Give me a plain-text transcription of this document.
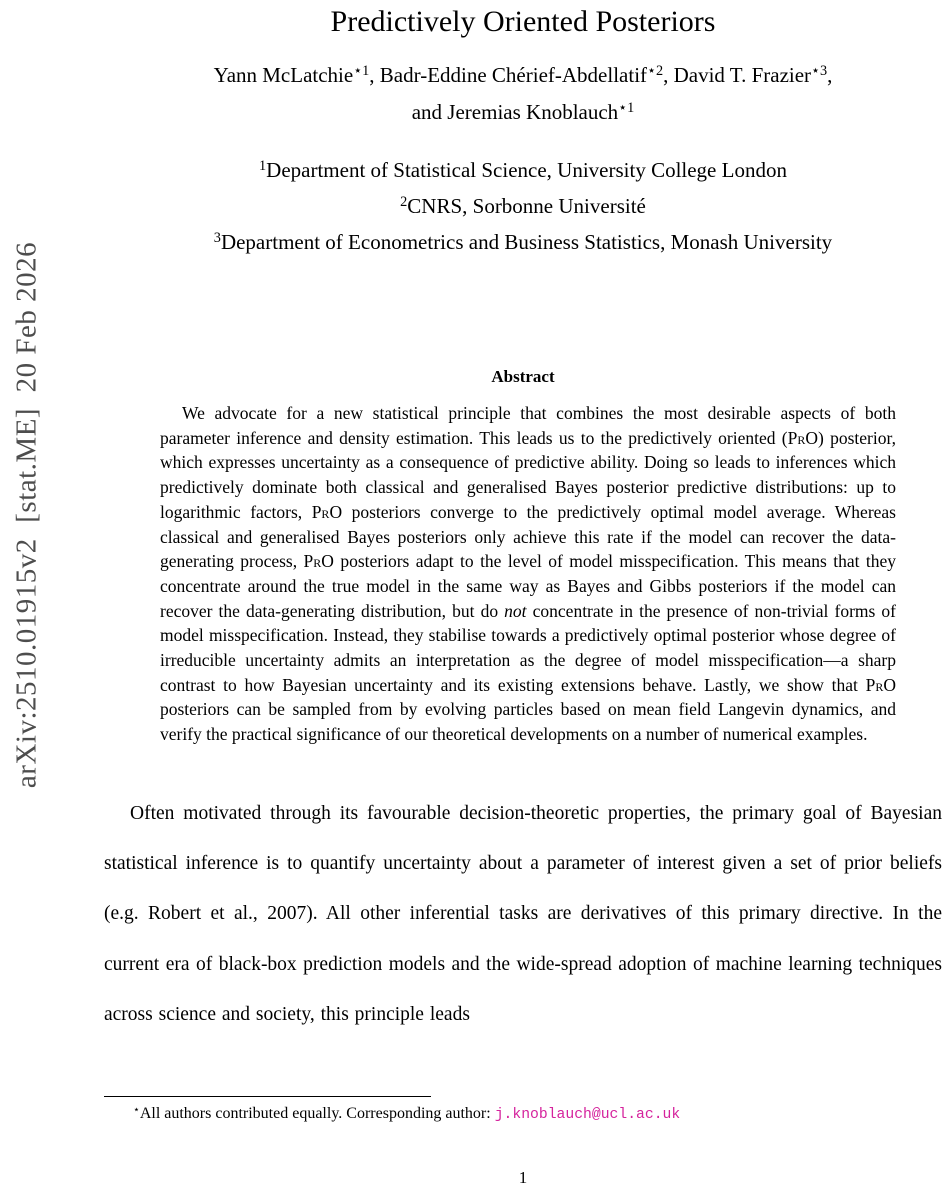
arXiv:2510.01915v2  [stat.ME]  20 Feb 2026
Predictively Oriented Posteriors
Yann McLatchie$^{⋆1}$, Badr-Eddine Chérief-Abdellatif$^{⋆2}$, David T. Frazier$^{⋆3}$,
and Jeremias Knoblauch$^{⋆1}$
$^1$Department of Statistical Science, University College London
$^2$CNRS, Sorbonne Université
$^3$Department of Econometrics and Business Statistics, Monash University
Abstract

We advocate for a new statistical principle that combines the most desirable aspects of both parameter inference and density estimation. This leads us to the predictively oriented (PrO) posterior, which expresses uncertainty as a consequence of predictive ability. Doing so leads to inferences which predictively dominate both classical and generalised Bayes posterior predictive distributions: up to logarithmic factors, PrO posteriors converge to the predictively optimal model average. Whereas classical and generalised Bayes posteriors only achieve this rate if the model can recover the data-generating process, PrO posteriors adapt to the level of model misspecification. This means that they concentrate around the true model in the same way as Bayes and Gibbs posteriors if the model can recover the data-generating distribution, but do not concentrate in the presence of non-trivial forms of model misspecification. Instead, they stabilise towards a predictively optimal posterior whose degree of irreducible uncertainty admits an interpretation as the degree of model misspecification—a sharp contrast to how Bayesian uncertainty and its existing extensions behave. Lastly, we show that PrO posteriors can be sampled from by evolving particles based on mean field Langevin dynamics, and verify the practical significance of our theoretical developments on a number of numerical examples.

Often motivated through its favourable decision-theoretic properties, the primary goal of Bayesian statistical inference is to quantify uncertainty about a parameter of interest given a set of prior beliefs (e.g. Robert et al., 2007). All other inferential tasks are derivatives of this primary directive. In the current era of black-box prediction models and the wide-spread adoption of machine learning techniques across science and society, this principle leads

⋆All authors contributed equally. Corresponding author: j.knoblauch@ucl.ac.uk

1
